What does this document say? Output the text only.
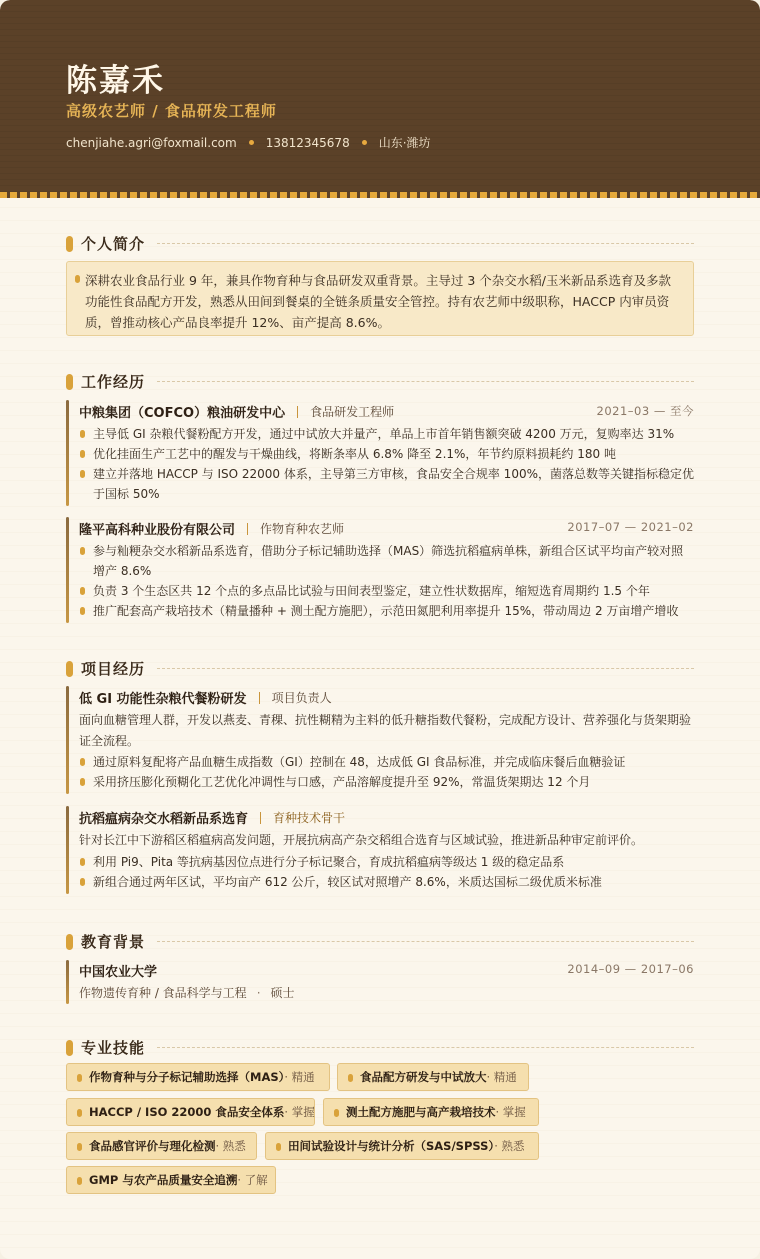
陈嘉禾
高级农艺师 / 食品研发工程师
chenjiahe.agri@foxmail.com 13812345678 山东·潍坊
个人简介
深耕农业食品行业 9 年，兼具作物育种与食品研发双重背景。主导过 3 个杂交水稻/玉米新品系选育及多款功能性食品配方开发，熟悉从田间到餐桌的全链条质量安全管控。持有农艺师中级职称，HACCP 内审员资质，曾推动核心产品良率提升 12%、亩产提高 8.6%。
工作经历
中粮集团（COFCO）粮油研发中心 食品研发工程师	2021–03 — 至今
主导低 GI 杂粮代餐粉配方开发，通过中试放大并量产，单品上市首年销售额突破 4200 万元，复购率达 31%
优化挂面生产工艺中的醒发与干燥曲线，将断条率从 6.8% 降至 2.1%，年节约原料损耗约 180 吨
建立并落地 HACCP 与 ISO 22000 体系，主导第三方审核，食品安全合规率 100%，菌落总数等关键指标稳定优于国标 50%
隆平高科种业股份有限公司 作物育种农艺师	2017–07 — 2021–02
参与籼粳杂交水稻新品系选育，借助分子标记辅助选择（MAS）筛选抗稻瘟病单株，新组合区试平均亩产较对照增产 8.6%
负责 3 个生态区共 12 个点的多点品比试验与田间表型鉴定，建立性状数据库，缩短选育周期约 1.5 个年
推广配套高产栽培技术（精量播种 + 测土配方施肥），示范田氮肥利用率提升 15%，带动周边 2 万亩增产增收
项目经历
低 GI 功能性杂粮代餐粉研发 项目负责人
面向血糖管理人群，开发以燕麦、青稞、抗性糊精为主料的低升糖指数代餐粉，完成配方设计、营养强化与货架期验证全流程。
通过原料复配将产品血糖生成指数（GI）控制在 48，达成低 GI 食品标准，并完成临床餐后血糖验证
采用挤压膨化预糊化工艺优化冲调性与口感，产品溶解度提升至 92%，常温货架期达 12 个月
抗稻瘟病杂交水稻新品系选育 育种技术骨干
针对长江中下游稻区稻瘟病高发问题，开展抗病高产杂交稻组合选育与区域试验，推进新品种审定前评价。
利用 Pi9、Pita 等抗病基因位点进行分子标记聚合，育成抗稻瘟病等级达 1 级的稳定品系
新组合通过两年区试，平均亩产 612 公斤，较区试对照增产 8.6%，米质达国标二级优质米标准
教育背景
中国农业大学	2014–09 — 2017–06
作物遗传育种 / 食品科学与工程 · 硕士
专业技能
作物育种与分子标记辅助选择（MAS）· 精通	食品配方研发与中试放大· 精通
HACCP / ISO 22000 食品安全体系· 掌握	测土配方施肥与高产栽培技术· 掌握
食品感官评价与理化检测· 熟悉	田间试验设计与统计分析（SAS/SPSS）· 熟悉
GMP 与农产品质量安全追溯· 了解
